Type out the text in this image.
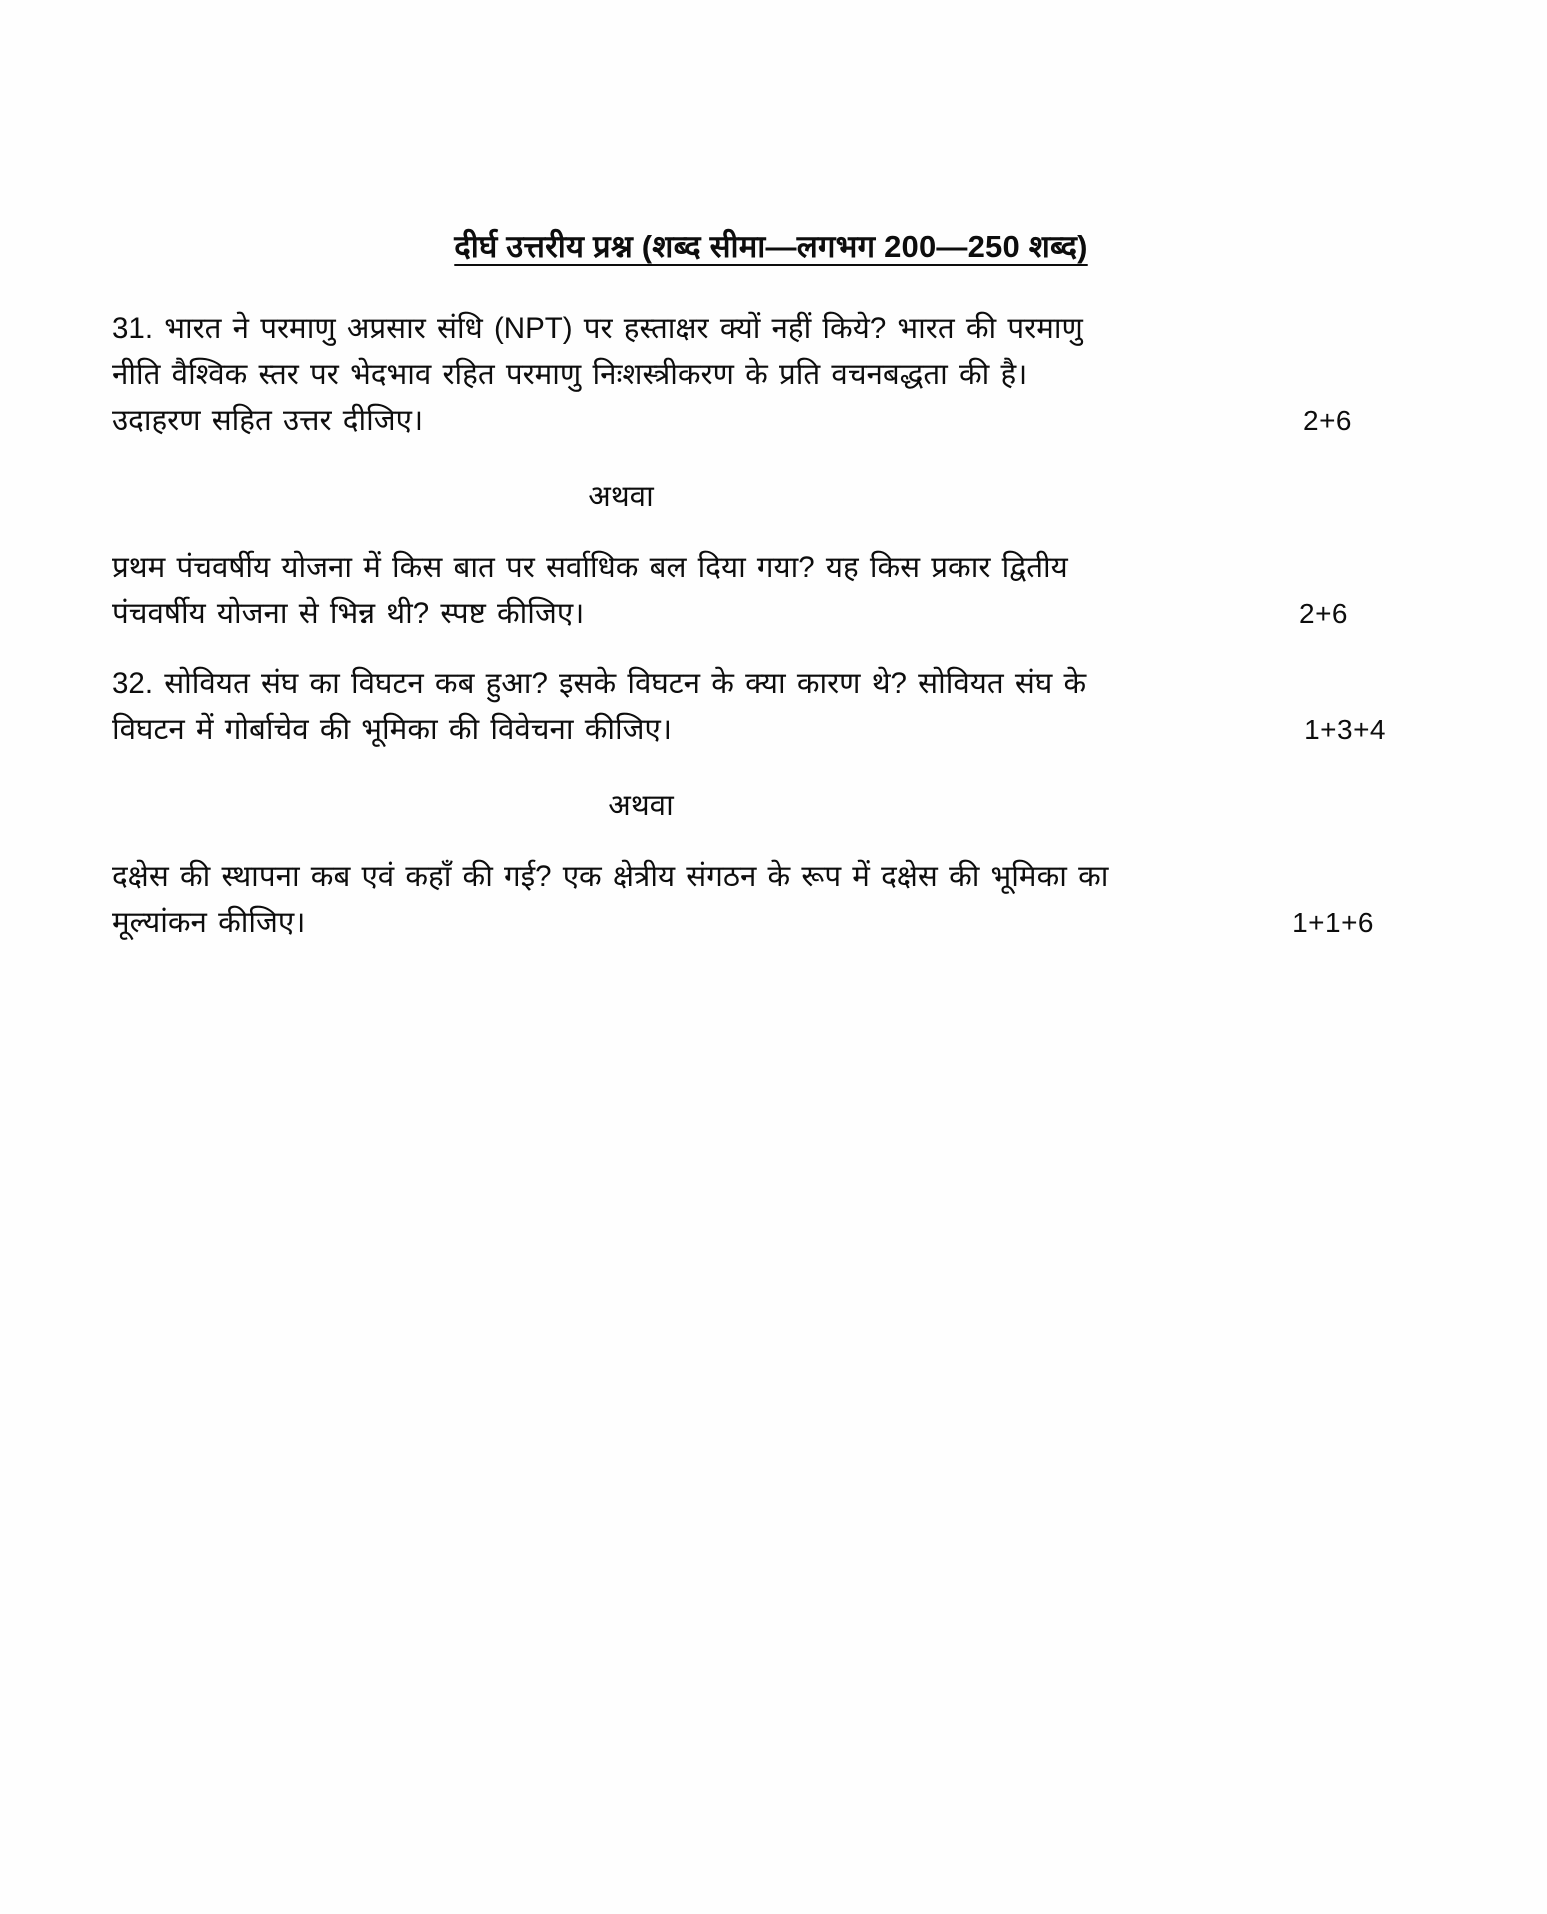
दीर्घ उत्तरीय प्रश्न (शब्द सीमा—लगभग 200—250 शब्द)

31. भारत ने परमाणु अप्रसार संधि (NPT) पर हस्ताक्षर क्यों नहीं किये? भारत की परमाणु

नीति वैश्विक स्तर पर भेदभाव रहित परमाणु निःशस्त्रीकरण के प्रति वचनबद्धता की है।

उदाहरण सहित उत्तर दीजिए।	2+6
अथवा

प्रथम पंचवर्षीय योजना में किस बात पर सर्वाधिक बल दिया गया? यह किस प्रकार द्वितीय

पंचवर्षीय योजना से भिन्न थी? स्पष्ट कीजिए।	2+6

32. सोवियत संघ का विघटन कब हुआ? इसके विघटन के क्या कारण थे? सोवियत संघ के

विघटन में गोर्बाचेव की भूमिका की विवेचना कीजिए।	1+3+4
अथवा

दक्षेस की स्थापना कब एवं कहाँ की गई? एक क्षेत्रीय संगठन के रूप में दक्षेस की भूमिका का

मूल्यांकन कीजिए।	1+1+6
